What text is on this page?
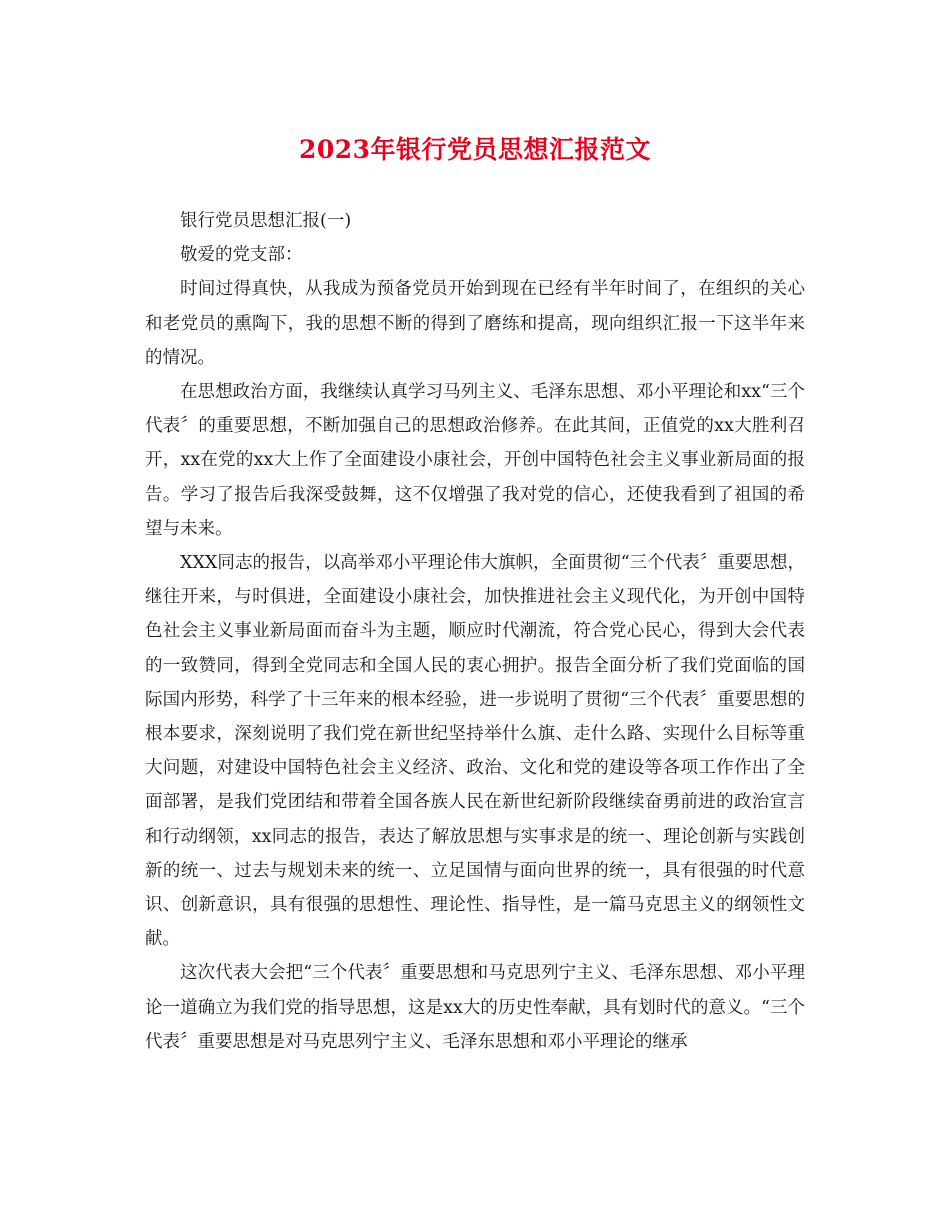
2023年银行党员思想汇报范文

银行党员思想汇报(一)

敬爱的党支部：

时间过得真快，从我成为预备党员开始到现在已经有半年时间了，在组织的关心和老党员的熏陶下，我的思想不断的得到了磨练和提高，现向组织汇报一下这半年来的情况。

在思想政治方面，我继续认真学习马列主义、毛泽东思想、邓小平理论和xx“三个代表〞的重要思想，不断加强自己的思想政治修养。在此其间，正值党的xx大胜利召开，xx在党的xx大上作了全面建设小康社会，开创中国特色社会主义事业新局面的报告。学习了报告后我深受鼓舞，这不仅增强了我对党的信心，还使我看到了祖国的希望与未来。

XXX同志的报告，以高举邓小平理论伟大旗帜，全面贯彻“三个代表〞重要思想，继往开来，与时俱进，全面建设小康社会，加快推进社会主义现代化，为开创中国特色社会主义事业新局面而奋斗为主题，顺应时代潮流，符合党心民心，得到大会代表的一致赞同，得到全党同志和全国人民的衷心拥护。报告全面分析了我们党面临的国际国内形势，科学了十三年来的根本经验，进一步说明了贯彻“三个代表〞重要思想的根本要求，深刻说明了我们党在新世纪坚持举什么旗、走什么路、实现什么目标等重大问题，对建设中国特色社会主义经济、政治、文化和党的建设等各项工作作出了全面部署，是我们党团结和带着全国各族人民在新世纪新阶段继续奋勇前进的政治宣言和行动纲领，xx同志的报告，表达了解放思想与实事求是的统一、理论创新与实践创新的统一、过去与规划未来的统一、立足国情与面向世界的统一，具有很强的时代意识、创新意识，具有很强的思想性、理论性、指导性，是一篇马克思主义的纲领性文献。

这次代表大会把“三个代表〞重要思想和马克思列宁主义、毛泽东思想、邓小平理论一道确立为我们党的指导思想，这是xx大的历史性奉献，具有划时代的意义。“三个代表〞重要思想是对马克思列宁主义、毛泽东思想和邓小平理论的继承
